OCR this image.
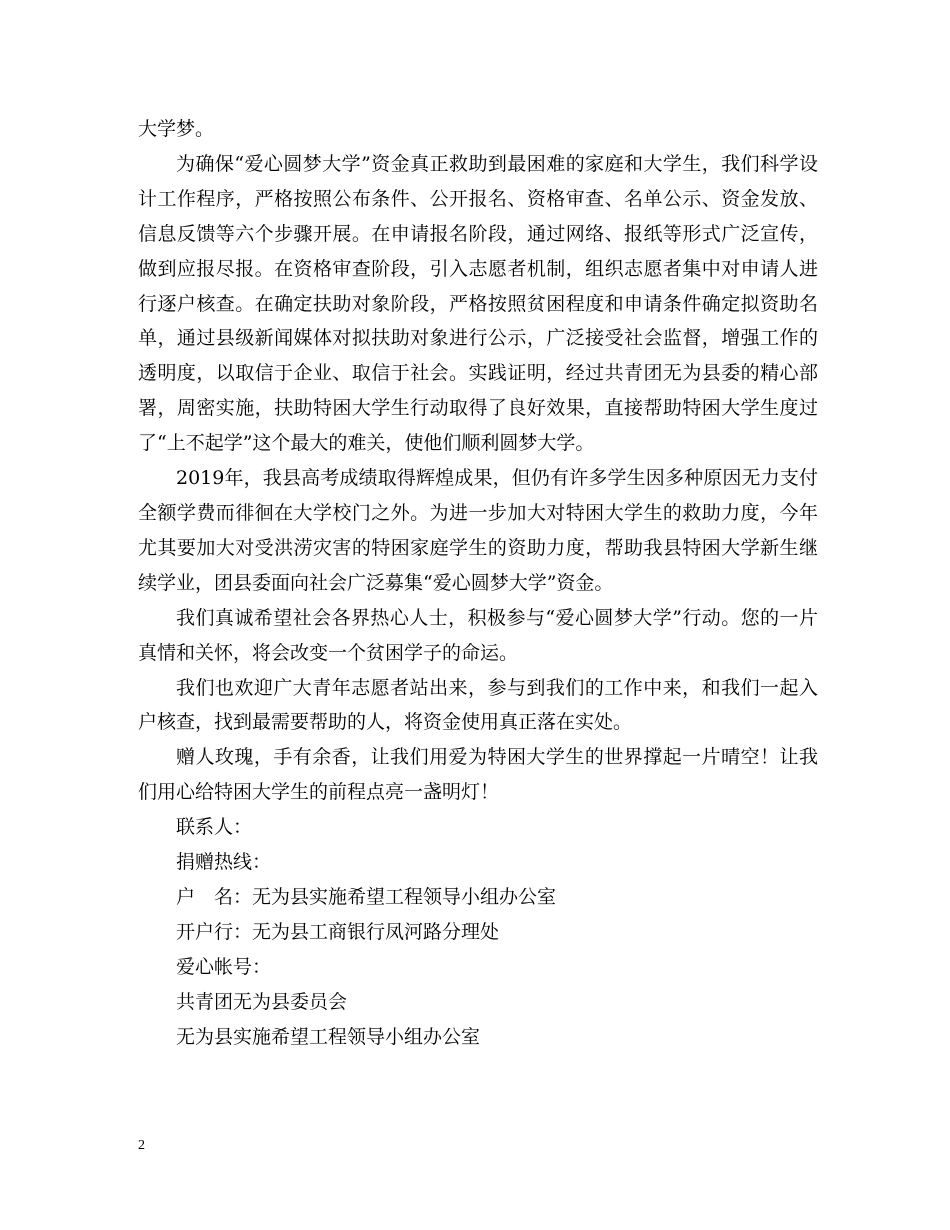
大学梦。

为确保“爱心圆梦大学”资金真正救助到最困难的家庭和大学生，我们科学设计工作程序，严格按照公布条件、公开报名、资格审查、名单公示、资金发放、信息反馈等六个步骤开展。在申请报名阶段，通过网络、报纸等形式广泛宣传，做到应报尽报。在资格审查阶段，引入志愿者机制，组织志愿者集中对申请人进行逐户核查。在确定扶助对象阶段，严格按照贫困程度和申请条件确定拟资助名单，通过县级新闻媒体对拟扶助对象进行公示，广泛接受社会监督，增强工作的透明度，以取信于企业、取信于社会。实践证明，经过共青团无为县委的精心部署，周密实施，扶助特困大学生行动取得了良好效果，直接帮助特困大学生度过了“上不起学”这个最大的难关，使他们顺利圆梦大学。

2019年，我县高考成绩取得辉煌成果，但仍有许多学生因多种原因无力支付全额学费而徘徊在大学校门之外。为进一步加大对特困大学生的救助力度，今年尤其要加大对受洪涝灾害的特困家庭学生的资助力度，帮助我县特困大学新生继续学业，团县委面向社会广泛募集“爱心圆梦大学”资金。

我们真诚希望社会各界热心人士，积极参与“爱心圆梦大学”行动。您的一片真情和关怀，将会改变一个贫困学子的命运。

我们也欢迎广大青年志愿者站出来，参与到我们的工作中来，和我们一起入户核查，找到最需要帮助的人，将资金使用真正落在实处。

赠人玫瑰，手有余香，让我们用爱为特困大学生的世界撑起一片晴空！让我们用心给特困大学生的前程点亮一盏明灯！

联系人：

捐赠热线：

户　名：无为县实施希望工程领导小组办公室

开户行：无为县工商银行凤河路分理处

爱心帐号：

共青团无为县委员会

无为县实施希望工程领导小组办公室

2
